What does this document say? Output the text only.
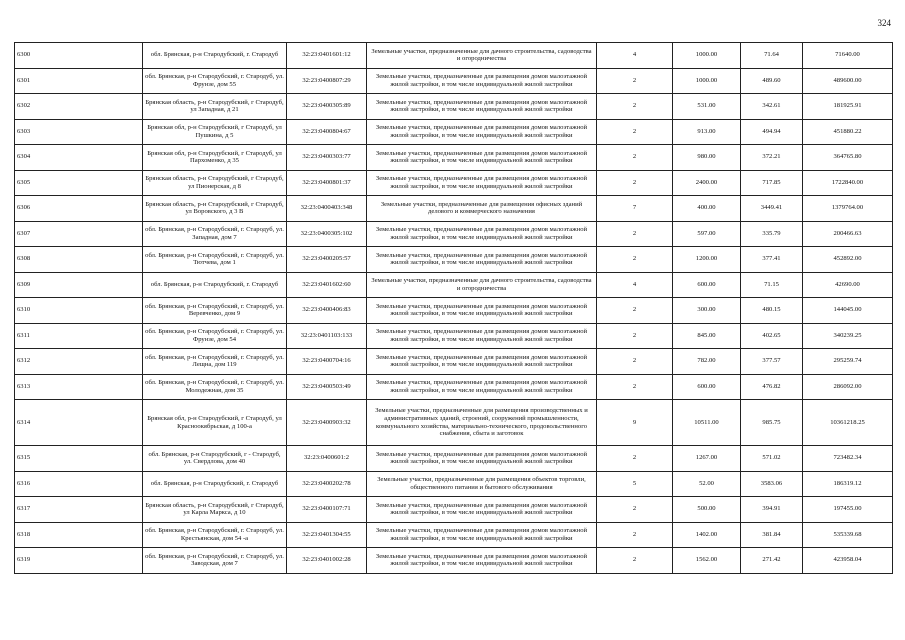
324
6300	обл. Брянская, р-н Стародубский, г. Стародуб	32:23:0401601:12	Земельные участки, предназначенные для дачного строительства, садоводства и огородничества	4	1000.00	71.64	71640.00
6301	обл. Брянская, р-н Стародубский, г. Стародуб, ул. Фрунзе, дом 55	32:23:0400807:29	Земельные участки, предназначенные для размещения домов малоэтажной жилой застройки, в том числе индивидуальной жилой застройки	2	1000.00	489.60	489600.00
6302	Брянская область, р-н Стародубский, г Стародуб, ул Западная, д 21	32:23:0400305:89	Земельные участки, предназначенные для размещения домов малоэтажной жилой застройки, в том числе индивидуальной жилой застройки	2	531.00	342.61	181925.91
6303	Брянская обл, р-н Стародубский, г Стародуб, ул Пушкина, д 5	32:23:0400804:67	Земельные участки, предназначенные для размещения домов малоэтажной жилой застройки, в том числе индивидуальной жилой застройки	2	913.00	494.94	451880.22
6304	Брянская обл, р-н Стародубский, г Стародуб, ул Пархоменко, д 35	32:23:0400303:77	Земельные участки, предназначенные для размещения домов малоэтажной жилой застройки, в том числе индивидуальной жилой застройки	2	980.00	372.21	364765.80
6305	Брянская область, р-н Стародубский, г Стародуб, ул Пионерская, д 8	32:23:0400801:37	Земельные участки, предназначенные для размещения домов малоэтажной жилой застройки, в том числе индивидуальной жилой застройки	2	2400.00	717.85	1722840.00
6306	Брянская область, р-н Стародубский, г Стародуб, ул Воровского, д 3 В	32:23:0400403:348	Земельные участки, предназначенные для размещения офисных зданий делового и коммерческого назначения	7	400.00	3449.41	1379764.00
6307	обл. Брянская, р-н Стародубский, г. Стародуб, ул. Западная, дом 7	32:23:0400305:102	Земельные участки, предназначенные для размещения домов малоэтажной жилой застройки, в том числе индивидуальной жилой застройки	2	597.00	335.79	200466.63
6308	обл. Брянская, р-н Стародубский, г. Стародуб, ул. Тютчева, дом 1	32:23:0400205:57	Земельные участки, предназначенные для размещения домов малоэтажной жилой застройки, в том числе индивидуальной жилой застройки	2	1200.00	377.41	452892.00
6309	обл. Брянская, р-н Стародубский, г. Стародуб	32:23:0401602:60	Земельные участки, предназначенные для дачного строительства, садоводства и огородничества	4	600.00	71.15	42690.00
6310	обл. Брянская, р-н Стародубский, г. Стародуб, ул. Веревченко, дом 9	32:23:0400406:83	Земельные участки, предназначенные для размещения домов малоэтажной жилой застройки, в том числе индивидуальной жилой застройки	2	300.00	480.15	144045.00
6311	обл. Брянская, р-н Стародубский, г. Стародуб, ул. Фрунзе, дом 54	32:23:0401103:133	Земельные участки, предназначенные для размещения домов малоэтажной жилой застройки, в том числе индивидуальной жилой застройки	2	845.00	402.65	340239.25
6312	обл. Брянская, р-н Стародубский, г. Стародуб, ул. Лещна, дом 119	32:23:0400704:16	Земельные участки, предназначенные для размещения домов малоэтажной жилой застройки, в том числе индивидуальной жилой застройки	2	782.00	377.57	295259.74
6313	обл. Брянская, р-н Стародубский, г. Стародуб, ул. Молодежная, дом 35	32:23:0400503:49	Земельные участки, предназначенные для размещения домов малоэтажной жилой застройки, в том числе индивидуальной жилой застройки	2	600.00	476.82	286092.00
6314	Брянская обл, р-н Стародубский, г Стародуб, ул Красноокябрьская, д 100-а	32:23:0400903:32	Земельные участки, предназначенные для размещения производственных и административных зданий, строений, сооружений промышленности, коммунального хозяйства, материально-технического, продовольственного снабжения, сбыта и заготовок	9	10511.00	985.75	10361218.25
6315	обл. Брянская, р-н Стародубский, г - Стародуб, ул. Свердлова, дом 40	32:23:0400601:2	Земельные участки, предназначенные для размещения домов малоэтажной жилой застройки, в том числе индивидуальной жилой застройки	2	1267.00	571.02	723482.34
6316	обл. Брянская, р-н Стародубский, г. Стародуб	32:23:0400202:78	Земельные участки, предназначенные для размещения объектов торговли, общественного питания и бытового обслуживания	5	52.00	3583.06	186319.12
6317	Брянская область, р-н Стародубский, г Стародуб, ул Карла Маркса, д 10	32:23:0400107:71	Земельные участки, предназначенные для размещения домов малоэтажной жилой застройки, в том числе индивидуальной жилой застройки	2	500.00	394.91	197455.00
6318	обл. Брянская, р-н Стародубский, г. Стародуб, ул. Крестьянская, дом 54 -а	32:23:0401304:55	Земельные участки, предназначенные для размещения домов малоэтажной жилой застройки, в том числе индивидуальной жилой застройки	2	1402.00	381.84	535339.68
6319	обл. Брянская, р-н Стародубский, г. Стародуб, ул. Заводская, дом 7	32:23:0401002:28	Земельные участки, предназначенные для размещения домов малоэтажной жилой застройки, в том числе индивидуальной жилой застройки	2	1562.00	271.42	423958.04
